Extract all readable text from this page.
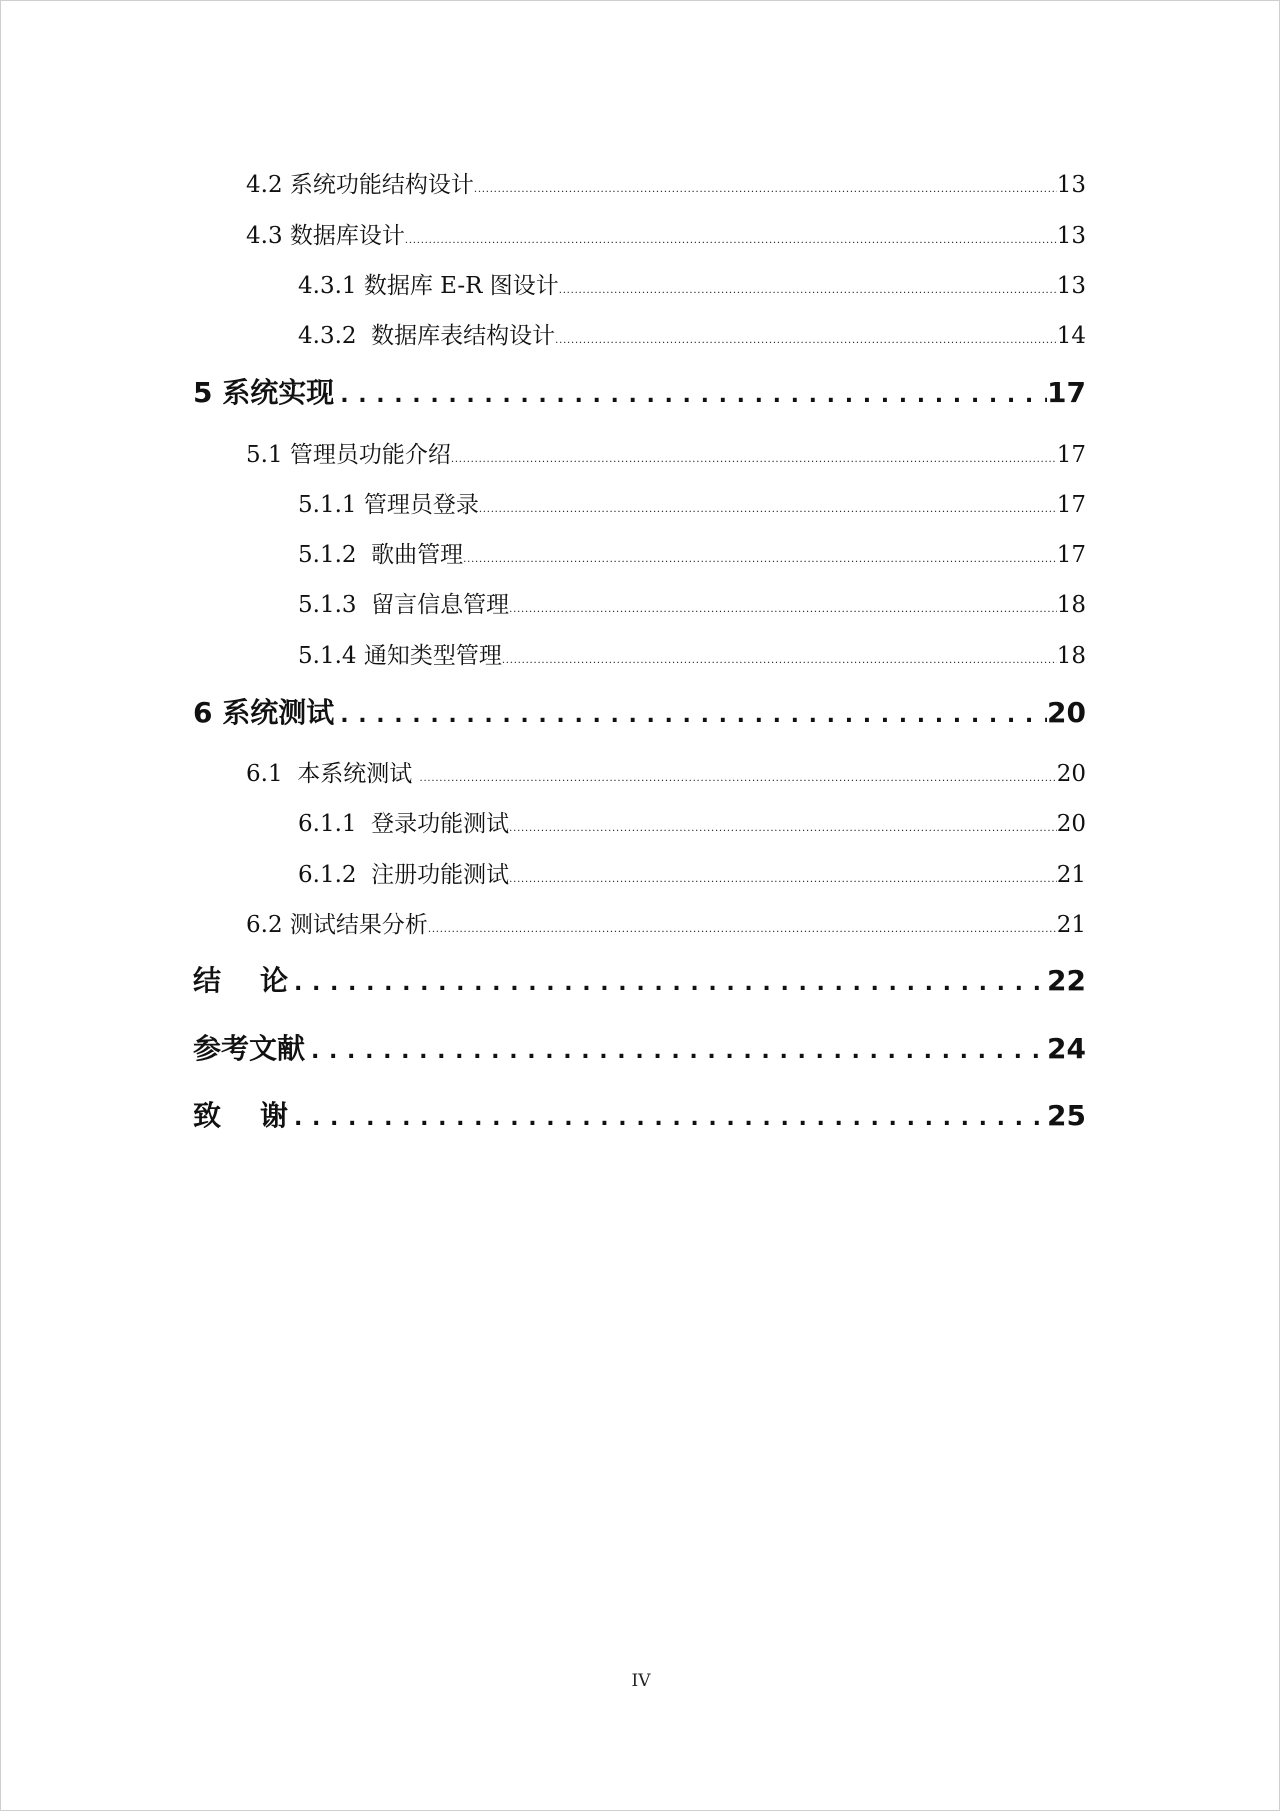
4.2 系统功能结构设计 . . .	13
4.3 数据库设计 . . .	13
4.3.1 数据库 E-R 图设计 . . .	13
4.3.2  数据库表结构设计 . . .	14
5 系统实现 . . .	17
5.1 管理员功能介绍 . . .	17
5.1.1 管理员登录 . . .	17
5.1.2  歌曲管理 . . .	17
5.1.3  留言信息管理 . . .	18
5.1.4 通知类型管理 . . .	18
6 系统测试 . . .	20
6.1  本系统测试 . . .	20
6.1.1  登录功能测试 . . .	20
6.1.2  注册功能测试 . . .	21
6.2 测试结果分析 . . .	21
结    论 . . .	22
参考文献 . . .	24
致    谢 . . .	25
IV
